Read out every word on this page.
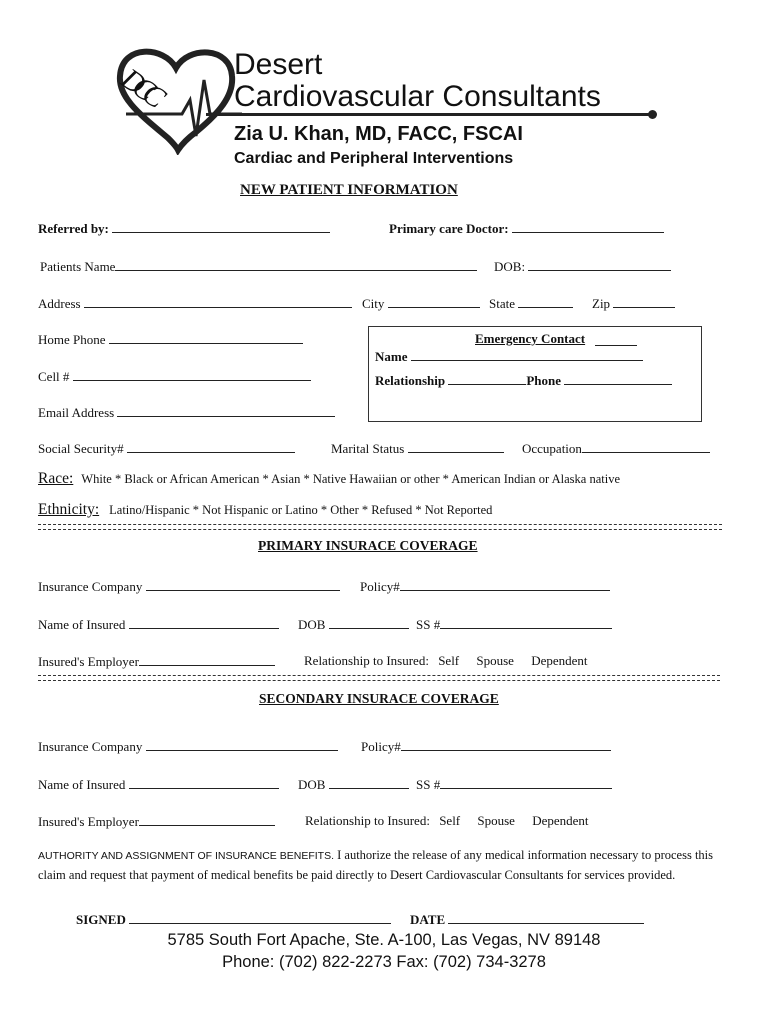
DCC Desert
Cardiovascular Consultants
Zia U. Khan, MD, FACC, FSCAI
Cardiac and Peripheral Interventions
NEW PATIENT INFORMATION
Referred by:	Primary care Doctor:
Patients Name	DOB:
Address	City	State	Zip
Home Phone
Cell #
Email Address
Emergency Contact
Name
Relationship	Phone
Social Security#	Marital Status	Occupation
Race: White * Black or African American * Asian * Native Hawaiian or other * American Indian or Alaska native
Ethnicity: Latino/Hispanic * Not Hispanic or Latino * Other * Refused * Not Reported
PRIMARY INSURACE COVERAGE
Insurance Company	Policy#
Name of Insured	DOB	SS #
Insured's Employer	Relationship to Insured: Self Spouse Dependent
SECONDARY INSURACE COVERAGE
Insurance Company	Policy#
Name of Insured	DOB	SS #
Insured's Employer	Relationship to Insured: Self Spouse Dependent
AUTHORITY AND ASSIGNMENT OF INSURANCE BENEFITS. I authorize the release of any medical information necessary to process this claim and request that payment of medical benefits be paid directly to Desert Cardiovascular Consultants for services provided.
SIGNED	DATE
5785 South Fort Apache, Ste. A-100, Las Vegas, NV 89148
Phone: (702) 822-2273 Fax: (702) 734-3278
